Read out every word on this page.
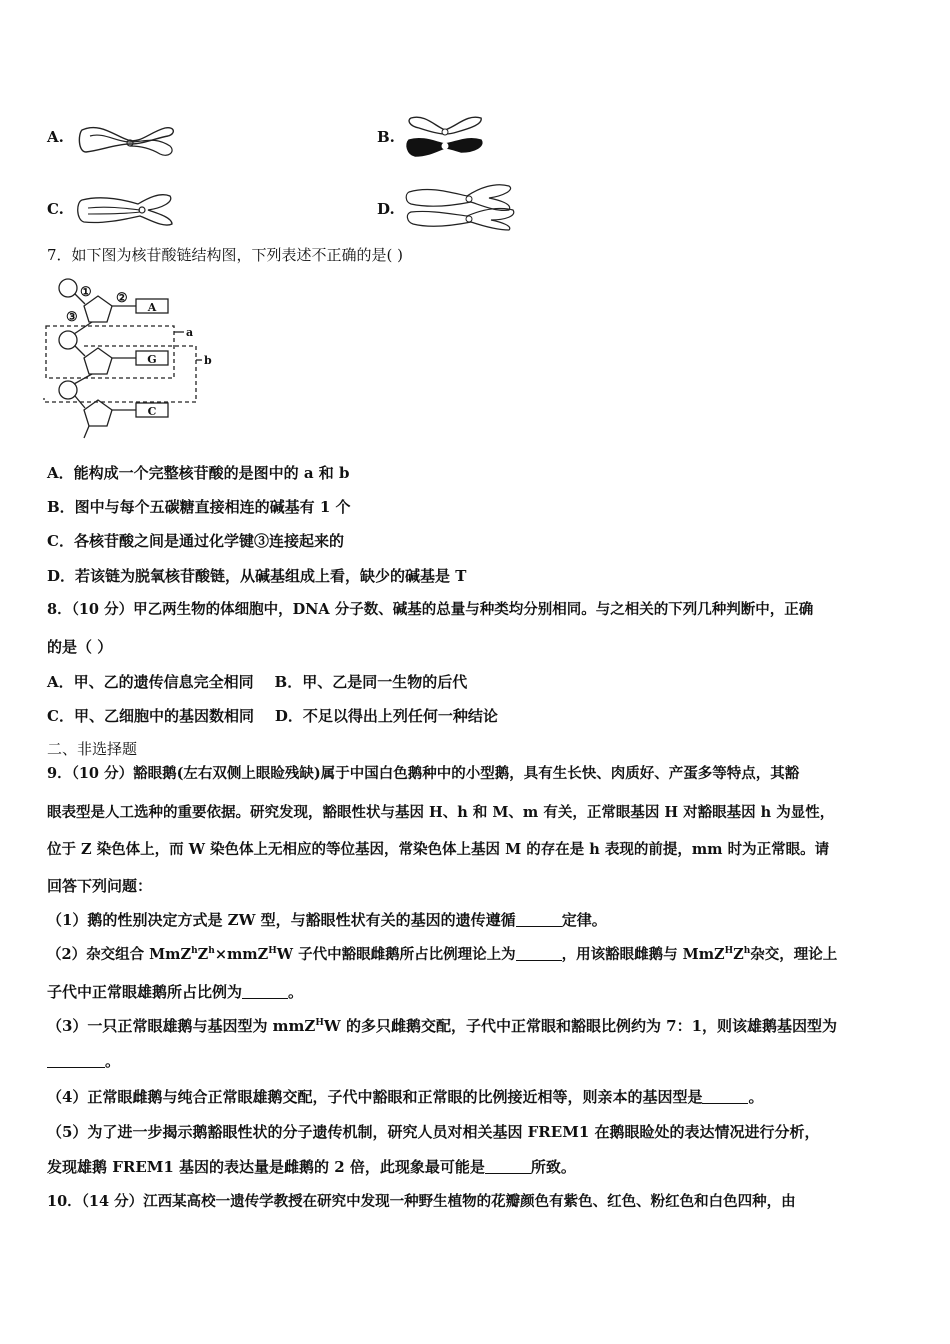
A.	B.
C.	D.
7．如下图为核苷酸链结构图，下列表述不正确的是( )
A
G
C
① ②
③
a
b
A．能构成一个完整核苷酸的是图中的 a 和 b
B．图中与每个五碳糖直接相连的碱基有 1 个
C．各核苷酸之间是通过化学键③连接起来的
D．若该链为脱氧核苷酸链，从碱基组成上看，缺少的碱基是 T
8．（10 分）甲乙两生物的体细胞中，DNA 分子数、碱基的总量与种类均分别相同。与之相关的下列几种判断中，正确
的是（ ）
A．甲、乙的遗传信息完全相同    B．甲、乙是同一生物的后代
C．甲、乙细胞中的基因数相同    D．不足以得出上列任何一种结论
二、非选择题
9．（10 分）豁眼鹅(左右双侧上眼睑残缺)属于中国白色鹅种中的小型鹅，具有生长快、肉质好、产蛋多等特点，其豁
眼表型是人工选种的重要依据。研究发现，豁眼性状与基因 H、h 和 M、m 有关，正常眼基因 H 对豁眼基因 h 为显性，
位于 Z 染色体上，而 W 染色体上无相应的等位基因，常染色体上基因 M 的存在是 h 表现的前提，mm 时为正常眼。请
回答下列问题：
（1）鹅的性别决定方式是 ZW 型，与豁眼性状有关的基因的遗传遵循	定律。
（2）杂交组合 $MmZ^hZ^h\times mmZ^HW$ 子代中豁眼雌鹅所占比例理论上为	，用该豁眼雌鹅与 $MmZ^HZ^h$杂交，理论上
子代中正常眼雄鹅所占比例为	。
（3）一只正常眼雄鹅与基因型为 mmZ$^H$W 的多只雌鹅交配，子代中正常眼和豁眼比例约为 7：1，则该雄鹅基因型为
。
（4）正常眼雌鹅与纯合正常眼雄鹅交配，子代中豁眼和正常眼的比例接近相等，则亲本的基因型是	。
（5）为了进一步揭示鹅豁眼性状的分子遗传机制，研究人员对相关基因 FREM1 在鹅眼睑处的表达情况进行分析，
发现雄鹅 FREM1 基因的表达量是雌鹅的 2 倍，此现象最可能是	所致。
10．（14 分）江西某高校一遗传学教授在研究中发现一种野生植物的花瓣颜色有紫色、红色、粉红色和白色四种，由
